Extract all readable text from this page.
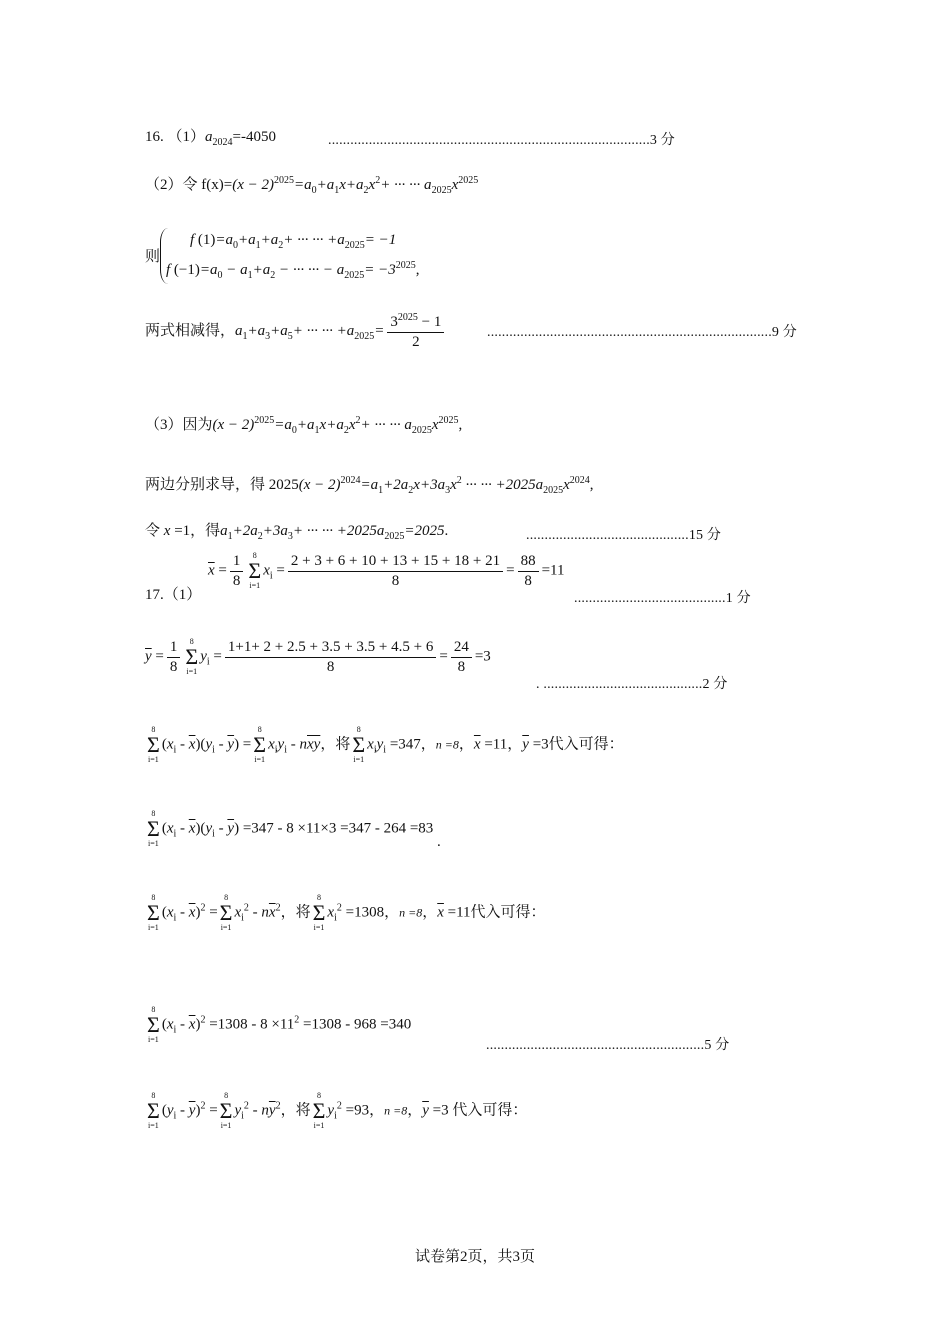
16. $(1)a_{2024}=-4050$	.......................................................................................3 分
（2）令 $f(x)=(x - 2)^{2025}=a_0+a_1x+a_2x^2+$ ··· ··· $a_{2025}x^{2025}$
则
f $(1)=a_0+a_1+a_2+$ ··· ··· $+a_{2025}= -1$
f $(-1)=a_0 - a_1+a_2$ − ··· ··· − $a_{2025}= -3^{2025}$,
两式相减得，$a_1+a_3+a_5+$ ··· ··· $+a_{2025}= \frac{3^{2025} - 1}{2}$	.............................................................................9 分
（3）因为$(x - 2)^{2025}=a_0+a_1x+a_2x^2+$ ··· ··· $a_{2025}x^{2025}$,
两边分别求导，得 $2025(x - 2)^{2024}=a_1+2a_2x+3a_3x^2$ ··· ··· $+2025a_{2025}x^{2024}$,
令 x =1，得$a_1+2a_2+3a_3+$ ··· ··· $+2025a_{2025}=2025$.	............................................15 分
$\overline{x} = \frac{1}{8}$	8
Σ
i=1
$x_i = \frac{2 + 3 + 6 + 10 + 13 + 15 + 18 + 21}{8} = \frac{88}{8} =11$
17.（1）	.........................................1 分
$\overline{y} = \frac{1}{8}$	8
Σ
i=1
$y_i = \frac{1+1+ 2 + 2.5 + 3.5 + 3.5 + 4.5 + 6}{8} = \frac{24}{8} =3$
. ...........................................2 分
8
Σ
i=1
$(x_i - \overline{x})(y_i - \overline{y})$ =
8
Σ
i=1
$x_iy_i - n\overline{xy}$，将
8
Σ
i=1
$x_iy_i =347$，n =8，$\overline{x} =11$，$\overline{y} =3$代入可得：
8
Σ
i=1
$(x_i - \overline{x})(y_i - \overline{y}) =347 - 8 \times 11\times 3 =347 - 264 =83$ .
8
Σ
i=1
$(x_i - \overline{x})^2$ =
8
Σ
i=1
$x_i^2 - n\overline{x}^2$，将
8
Σ
i=1
$x_i^2 =1308$，n =8，$\overline{x} =11$代入可得：
8
Σ
i=1
$(x_i - \overline{x})^2 =1308 - 8 \times 11^2 =1308 - 968 =340$
...........................................................5 分
8
Σ
i=1
$(y_i - \overline{y})^2$ =
8
Σ
i=1
$y_i^2 - n\overline{y}^2$，将
8
Σ
i=1
$y_i^2 =93$，n =8，$\overline{y} =3$ 代入可得：
试卷第2页，共3页
